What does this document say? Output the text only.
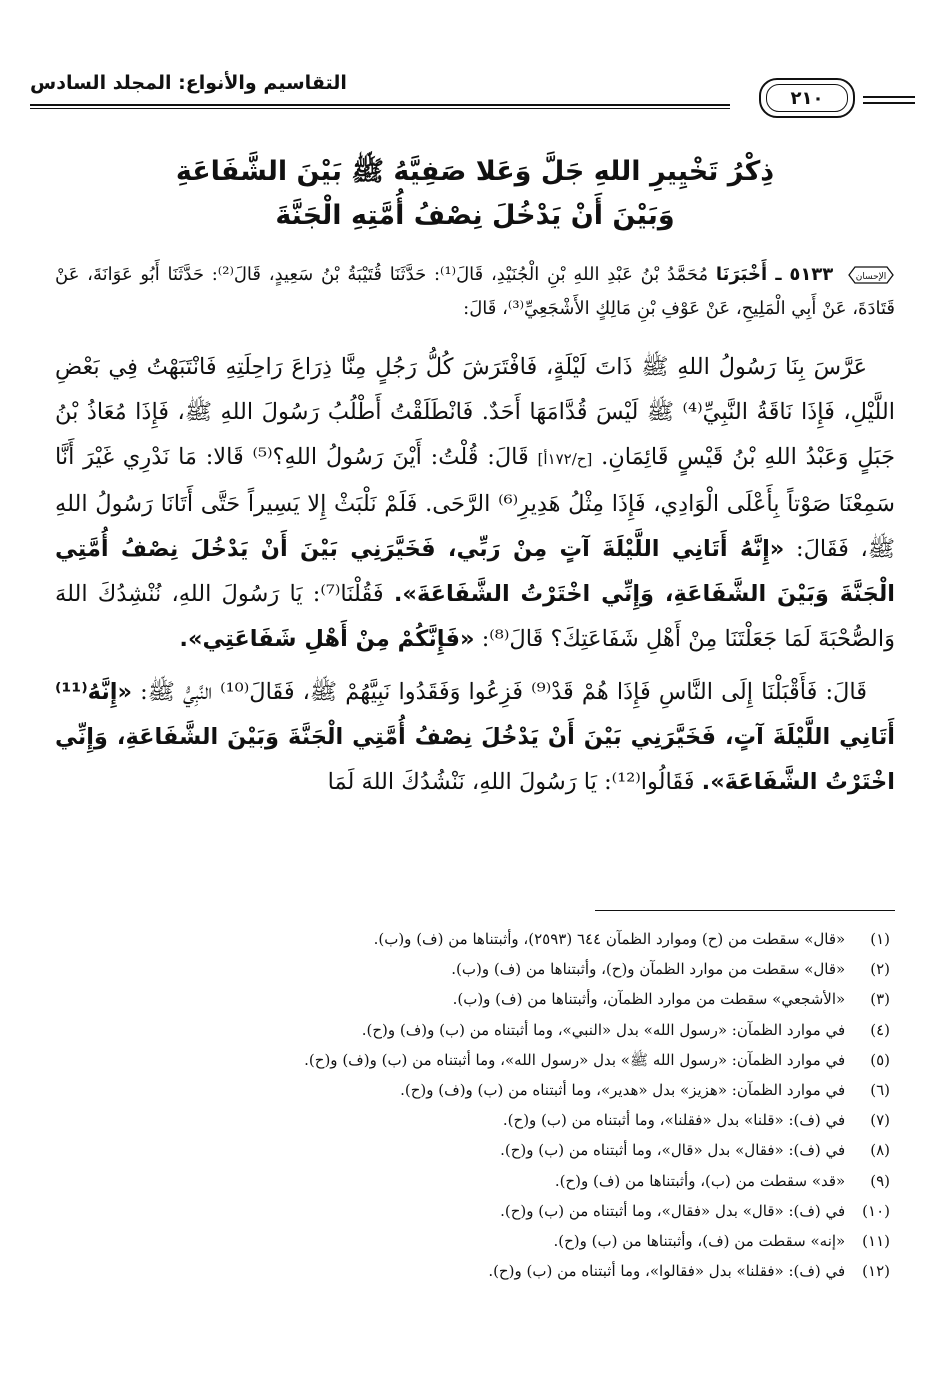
التقاسيم والأنواع: المجلد السادس
٢١٠
ذِكْرُ تَخْيِيرِ اللهِ جَلَّ وَعَلا صَفِيَّهُ ﷺ بَيْنَ الشَّفَاعَةِ
وَبَيْنَ أَنْ يَدْخُلَ نِصْفُ أُمَّتِهِ الْجَنَّةَ
الإحسان
٥١٣٣ ـ أَخْبَرَنَا مُحَمَّدُ بْنُ عَبْدِ اللهِ بْنِ الْجُنَيْدِ، قَالَ⁽¹⁾: حَدَّثَنَا قُتَيْبَةُ بْنُ سَعِيدٍ، قَالَ⁽²⁾: حَدَّثَنَا أَبُو عَوَانَةَ، عَنْ قَتَادَةَ، عَنْ أَبِي الْمَلِيحِ، عَنْ عَوْفِ بْنِ مَالِكٍ الأَشْجَعِيِّ⁽³⁾، قَالَ:

عَرَّسَ بِنَا رَسُولُ اللهِ ﷺ ذَاتَ لَيْلَةٍ، فَافْتَرَشَ كُلُّ رَجُلٍ مِنَّا ذِرَاعَ رَاحِلَتِهِ فَانْتَبَهْتُ فِي بَعْضِ اللَّيْلِ، فَإِذَا نَاقَةُ النَّبِيِّ⁽⁴⁾ ﷺ لَيْسَ قُدَّامَهَا أَحَدٌ. فَانْطَلَقْتُ أَطْلُبُ رَسُولَ اللهِ ﷺ، فَإِذَا مُعَاذُ بْنُ جَبَلٍ وَعَبْدُ اللهِ بْنُ قَيْسٍ قَائِمَانِ. [ح/١٧٢أ] قَالَ: قُلْتُ: أَيْنَ رَسُولُ اللهِ؟⁽⁵⁾ قَالا: مَا نَدْرِي غَيْرَ أَنَّا سَمِعْنَا صَوْتاً بِأَعْلَى الْوَادِي، فَإِذَا مِثْلُ هَدِيرِ⁽⁶⁾ الرَّحَى. فَلَمْ نَلْبَثْ إِلا يَسِيراً حَتَّى أَتَانَا رَسُولُ اللهِ ﷺ، فَقَالَ: «إِنَّهُ أَتَانِي اللَّيْلَةَ آتٍ مِنْ رَبِّي، فَخَيَّرَنِي بَيْنَ أَنْ يَدْخُلَ نِصْفُ أُمَّتِي الْجَنَّةَ وَبَيْنَ الشَّفَاعَةِ، وَإِنِّي اخْتَرْتُ الشَّفَاعَةَ». فَقُلْنَا⁽⁷⁾: يَا رَسُولَ اللهِ، نُنْشِدُكَ اللهَ وَالصُّحْبَةَ لَمَا جَعَلْتَنَا مِنْ أَهْلِ شَفَاعَتِكَ؟ قَالَ⁽⁸⁾: «فَإِنَّكُمْ مِنْ أَهْلِ شَفَاعَتِي».

قَالَ: فَأَقْبَلْنَا إِلَى النَّاسِ فَإِذَا هُمْ قَدْ⁽⁹⁾ فَزِعُوا وَفَقَدُوا نَبِيَّهُمْ ﷺ، فَقَالَ⁽¹⁰⁾ النَّبِيُّ ﷺ: «إِنَّهُ⁽¹¹⁾ أَتَانِي اللَّيْلَةَ آتٍ، فَخَيَّرَنِي بَيْنَ أَنْ يَدْخُلَ نِصْفُ أُمَّتِي الْجَنَّةَ وَبَيْنَ الشَّفَاعَةِ، وَإِنِّي اخْتَرْتُ الشَّفَاعَةَ». فَقَالُوا⁽¹²⁾: يَا رَسُولَ اللهِ، نَنْشُدُكَ اللهَ لَمَا

(١) «قال» سقطت من (ح) وموارد الظمآن ٦٤٤ (٢٥٩٣)، وأثبتناها من (ف) و(ب).
(٢) «قال» سقطت من موارد الظمآن و(ح)، وأثبتناها من (ف) و(ب).
(٣) «الأشجعي» سقطت من موارد الظمآن، وأثبتناها من (ف) و(ب).
(٤) في موارد الظمآن: «رسول الله» بدل «النبي»، وما أثبتناه من (ب) و(ف) و(ح).
(٥) في موارد الظمآن: «رسول الله ﷺ» بدل «رسول الله»، وما أثبتناه من (ب) و(ف) و(ح).
(٦) في موارد الظمآن: «هزيز» بدل «هدير»، وما أثبتناه من (ب) و(ف) و(ح).
(٧) في (ف): «قلنا» بدل «فقلنا»، وما أثبتناه من (ب) و(ح).
(٨) في (ف): «فقال» بدل «قال»، وما أثبتناه من (ب) و(ح).
(٩) «قد» سقطت من (ب)، وأثبتناها من (ف) و(ح).
(١٠) في (ف): «قال» بدل «فقال»، وما أثبتناه من (ب) و(ح).
(١١) «إنه» سقطت من (ف)، وأثبتناها من (ب) و(ح).
(١٢) في (ف): «فقلنا» بدل «فقالوا»، وما أثبتناه من (ب) و(ح).
